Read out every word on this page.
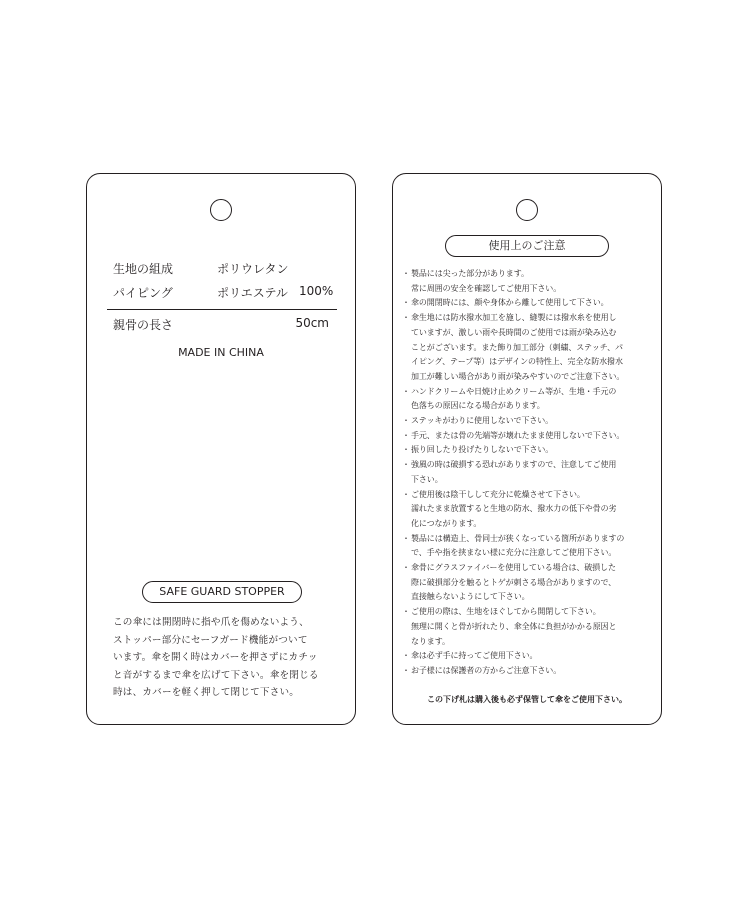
生地の組成	ポリウレタン
パイピング	ポリエステル 100%
親骨の長さ	50cm
MADE IN CHINA
SAFE GUARD STOPPER
この傘には開閉時に指や爪を傷めないよう、
ストッパー部分にセーフガード機能がついて
います。傘を開く時はカバーを押さずにカチッ
と音がするまで傘を広げて下さい。傘を閉じる
時は、カバーを軽く押して閉じて下さい。
使用上のご注意
・ 製品には尖った部分があります。
常に周囲の安全を確認してご使用下さい。
・ 傘の開閉時には、顔や身体から離して使用して下さい。
・ 傘生地には防水撥水加工を施し、縫製には撥水糸を使用し
ていますが、激しい雨や長時間のご使用では雨が染み込む
ことがございます。また飾り加工部分（刺繍、ステッチ、パ
イピング、テープ等）はデザインの特性上、完全な防水撥水
加工が難しい場合があり雨が染みやすいのでご注意下さい。
・ ハンドクリームや日焼け止めクリーム等が、生地・手元の
色落ちの原因になる場合があります。
・ ステッキがわりに使用しないで下さい。
・ 手元、または骨の先端等が壊れたまま使用しないで下さい。
・ 振り回したり投げたりしないで下さい。
・ 強風の時は破損する恐れがありますので、注意してご使用
下さい。
・ ご使用後は陰干しして充分に乾燥させて下さい。
濡れたまま放置すると生地の防水、撥水力の低下や骨の劣
化につながります。
・ 製品には構造上、骨同士が狭くなっている箇所がありますの
で、手や指を挟まない様に充分に注意してご使用下さい。
・ 傘骨にグラスファイバーを使用している場合は、破損した
際に破損部分を触るとトゲが刺さる場合がありますので、
直接触らないようにして下さい。
・ ご使用の際は、生地をほぐしてから開閉して下さい。
無理に開くと骨が折れたり、傘全体に負担がかかる原因と
なります。
・ 傘は必ず手に持ってご使用下さい。
・ お子様には保護者の方からご注意下さい。
この下げ札は購入後も必ず保管して傘をご使用下さい。
